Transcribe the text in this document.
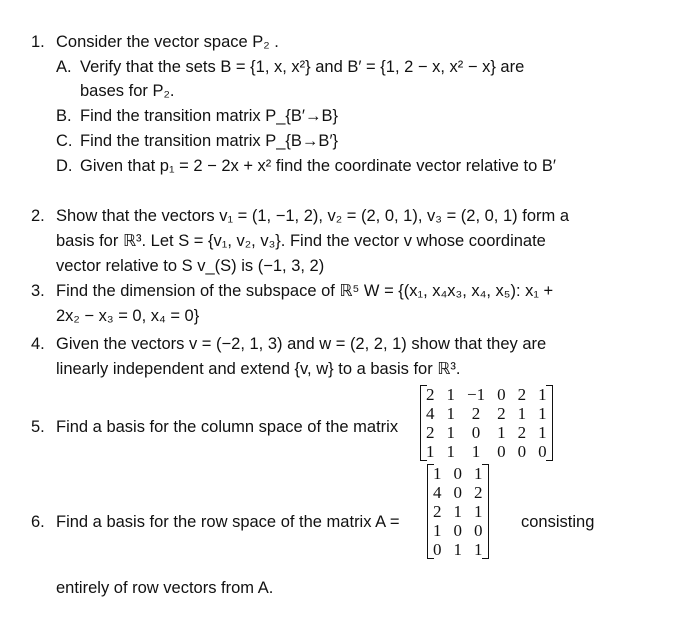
1. Consider the vector space P₂ .
A. Verify that the sets B = {1, x, x²} and B′ = {1, 2 − x, x² − x} are
bases for P₂.
B. Find the transition matrix P_{B′→B}
C. Find the transition matrix P_{B→B′}
D. Given that p₁ = 2 − 2x + x² find the coordinate vector relative to B′
2. Show that the vectors v₁ = (1, −1, 2), v₂ = (2, 0, 1), v₃ = (2, 0, 1) form a
basis for ℝ³. Let S = {v₁, v₂, v₃}. Find the vector v whose coordinate
vector relative to S v_(S) is (−1, 3, 2)
3. Find the dimension of the subspace of ℝ⁵ W = {(x₁, x₄x₃, x₄, x₅): x₁ +
2x₂ − x₃ = 0, x₄ = 0}
4. Given the vectors v = (−2, 1, 3) and w = (2, 2, 1) show that they are
linearly independent and extend {v, w} to a basis for ℝ³.
5. Find a basis for the column space of the matrix
2	1	−1	0	2	1
4	1	2	2	1	1
2	1	0	1	2	1
1	1	1	0	0	0
6. Find a basis for the row space of the matrix A =
1	0	1
4	0	2
2	1	1
1	0	0
0	1	1
consisting
entirely of row vectors from A.
